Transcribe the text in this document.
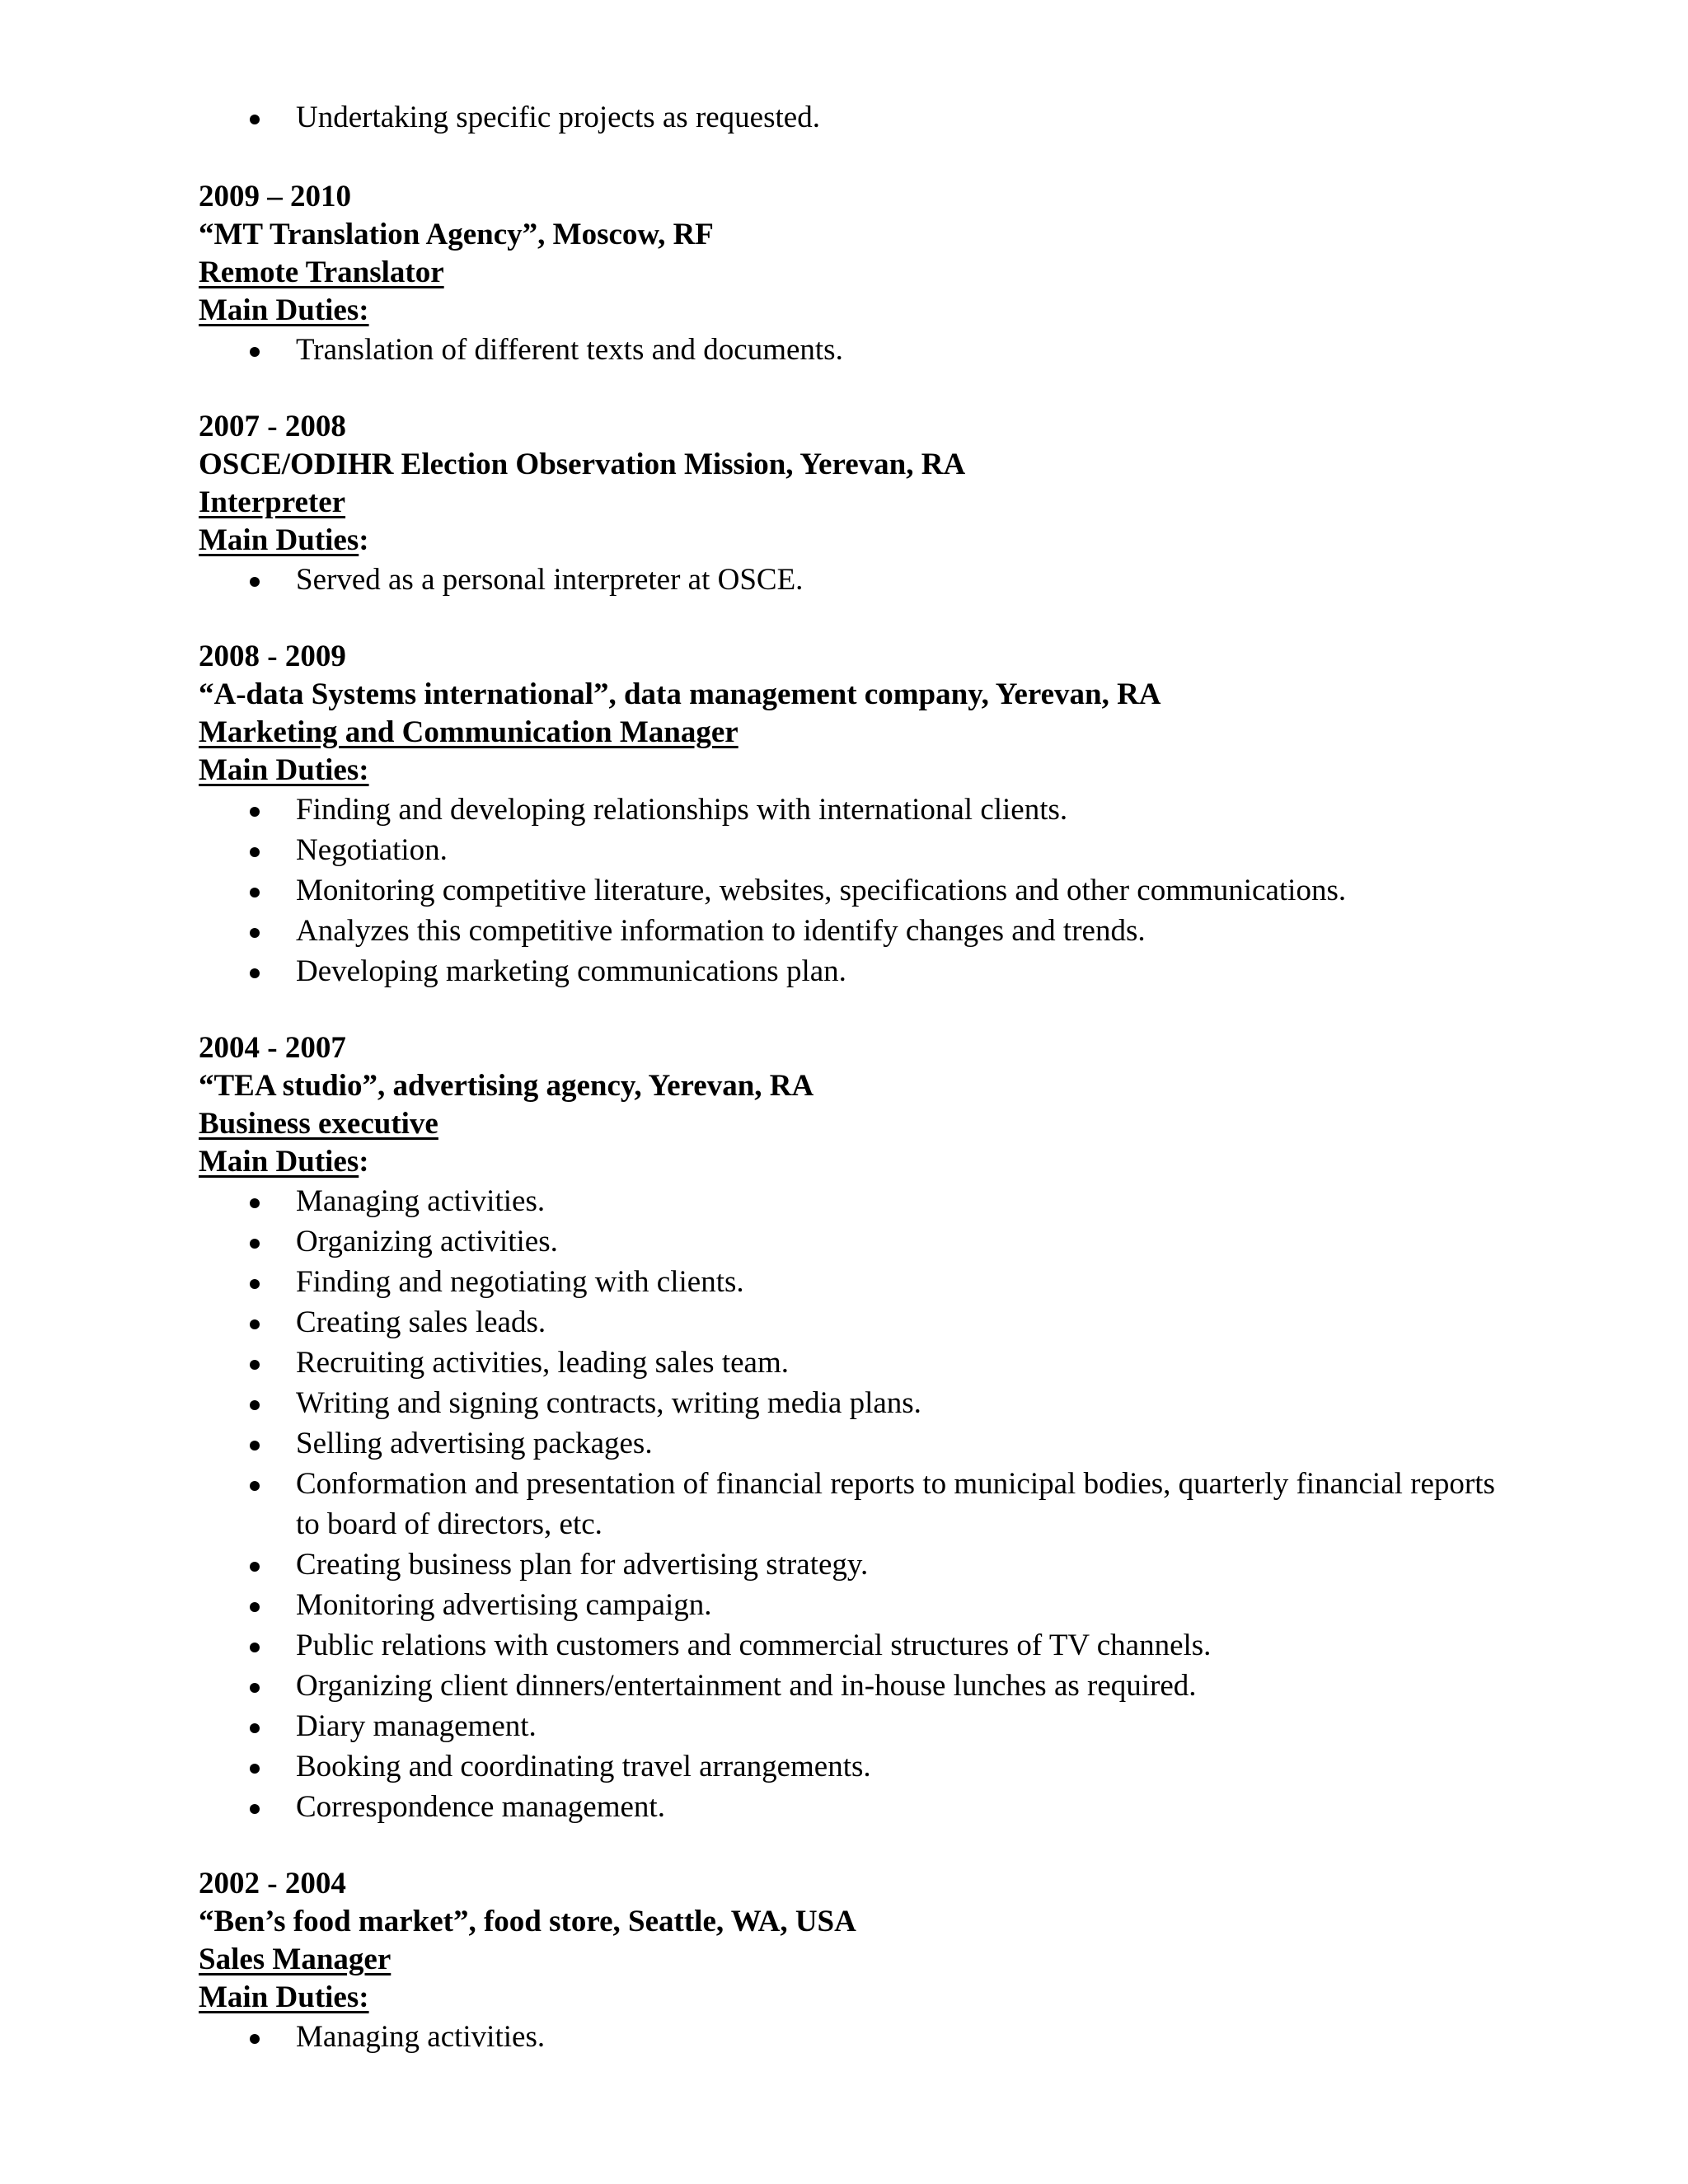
Undertaking specific projects as requested.

2009 – 2010

“MT Translation Agency”, Moscow, RF

Remote Translator

Main Duties:

Translation of different texts and documents.

2007 - 2008

OSCE/ODIHR Election Observation Mission, Yerevan, RA

Interpreter

Main Duties:

Served as a personal interpreter at OSCE.

2008 - 2009

“A-data Systems international”, data management company, Yerevan, RA

Marketing and Communication Manager

Main Duties:

Finding and developing relationships with international clients.
Negotiation.
Monitoring competitive literature, websites, specifications and other communications.
Analyzes this competitive information to identify changes and trends.
Developing marketing communications plan.

2004 - 2007

“TEA studio”, advertising agency, Yerevan, RA

Business executive

Main Duties:

Managing activities.
Organizing activities.
Finding and negotiating with clients.
Creating sales leads.
Recruiting activities, leading sales team.
Writing and signing contracts, writing media plans.
Selling advertising packages.
Conformation and presentation of financial reports to municipal bodies, quarterly financial reports to board of directors, etc.
Creating business plan for advertising strategy.
Monitoring advertising campaign.
Public relations with customers and commercial structures of TV channels.
Organizing client dinners/entertainment and in-house lunches as required.
Diary management.
Booking and coordinating travel arrangements.
Correspondence management.

2002 - 2004

“Ben’s food market”, food store, Seattle, WA, USA

Sales Manager

Main Duties:

Managing activities.
